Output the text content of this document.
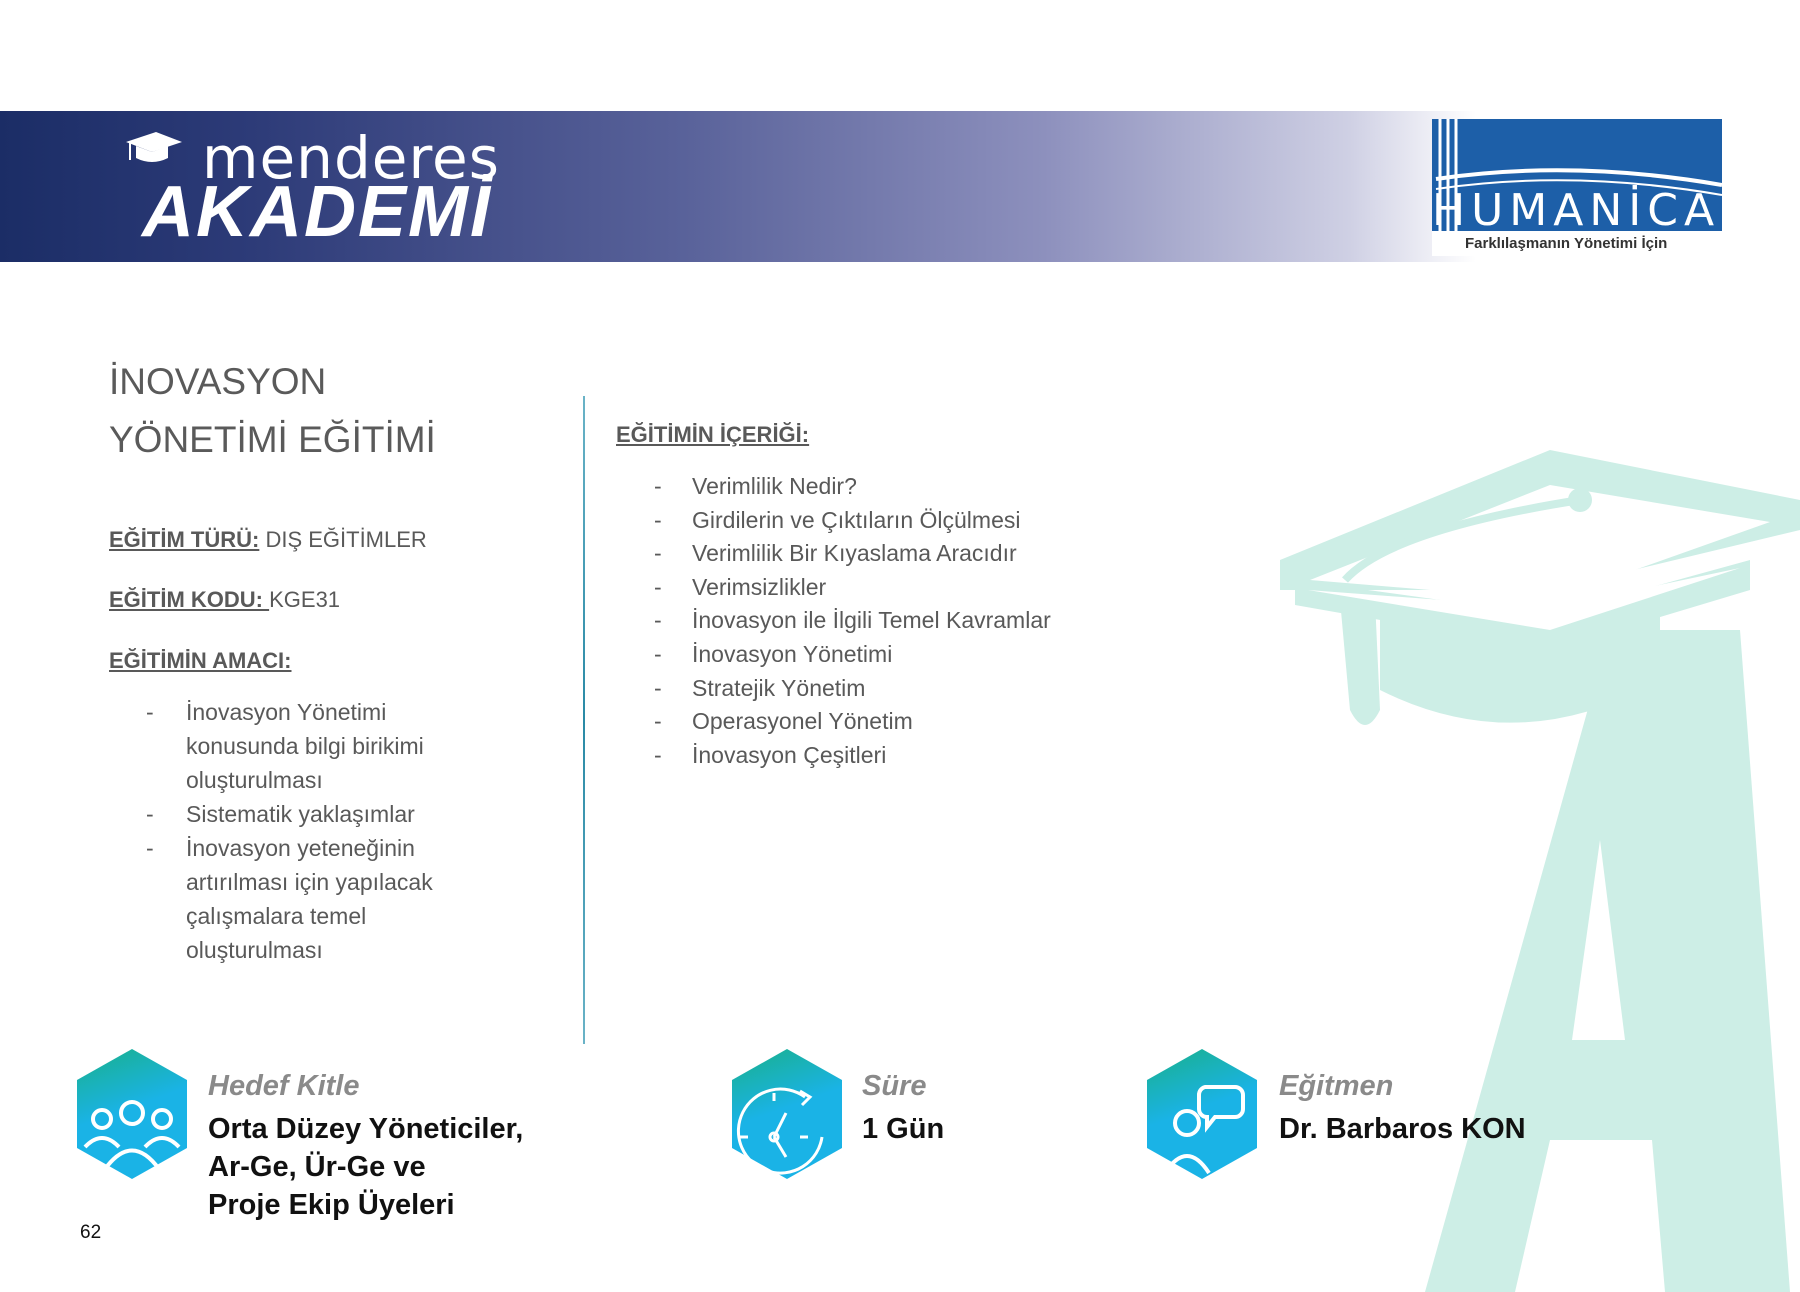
menderes
AKADEMİ	HUMANİCA
Farklılaşmanın Yönetimi İçin
İNOVASYON
YÖNETİMİ EĞİTİMİ
EĞİTİM TÜRÜ: DIŞ EĞİTİMLER
EĞİTİM KODU: KGE31
EĞİTİMİN AMACI:
- İnovasyon Yönetimi konusunda bilgi birikimi oluşturulması
- Sistematik yaklaşımlar
- İnovasyon yeteneğinin artırılması için yapılacak çalışmalara temel oluşturulması
EĞİTİMİN İÇERİĞİ:
- Verimlilik Nedir?
- Girdilerin ve Çıktıların Ölçülmesi
- Verimlilik Bir Kıyaslama Aracıdır
- Verimsizlikler
- İnovasyon ile İlgili Temel Kavramlar
- İnovasyon Yönetimi
- Stratejik Yönetim
- Operasyonel Yönetim
- İnovasyon Çeşitleri
Hedef Kitle
Orta Düzey Yöneticiler,
Ar-Ge, Ür-Ge ve
Proje Ekip Üyeleri
Süre
1 Gün
Eğitmen
Dr. Barbaros KON
62
